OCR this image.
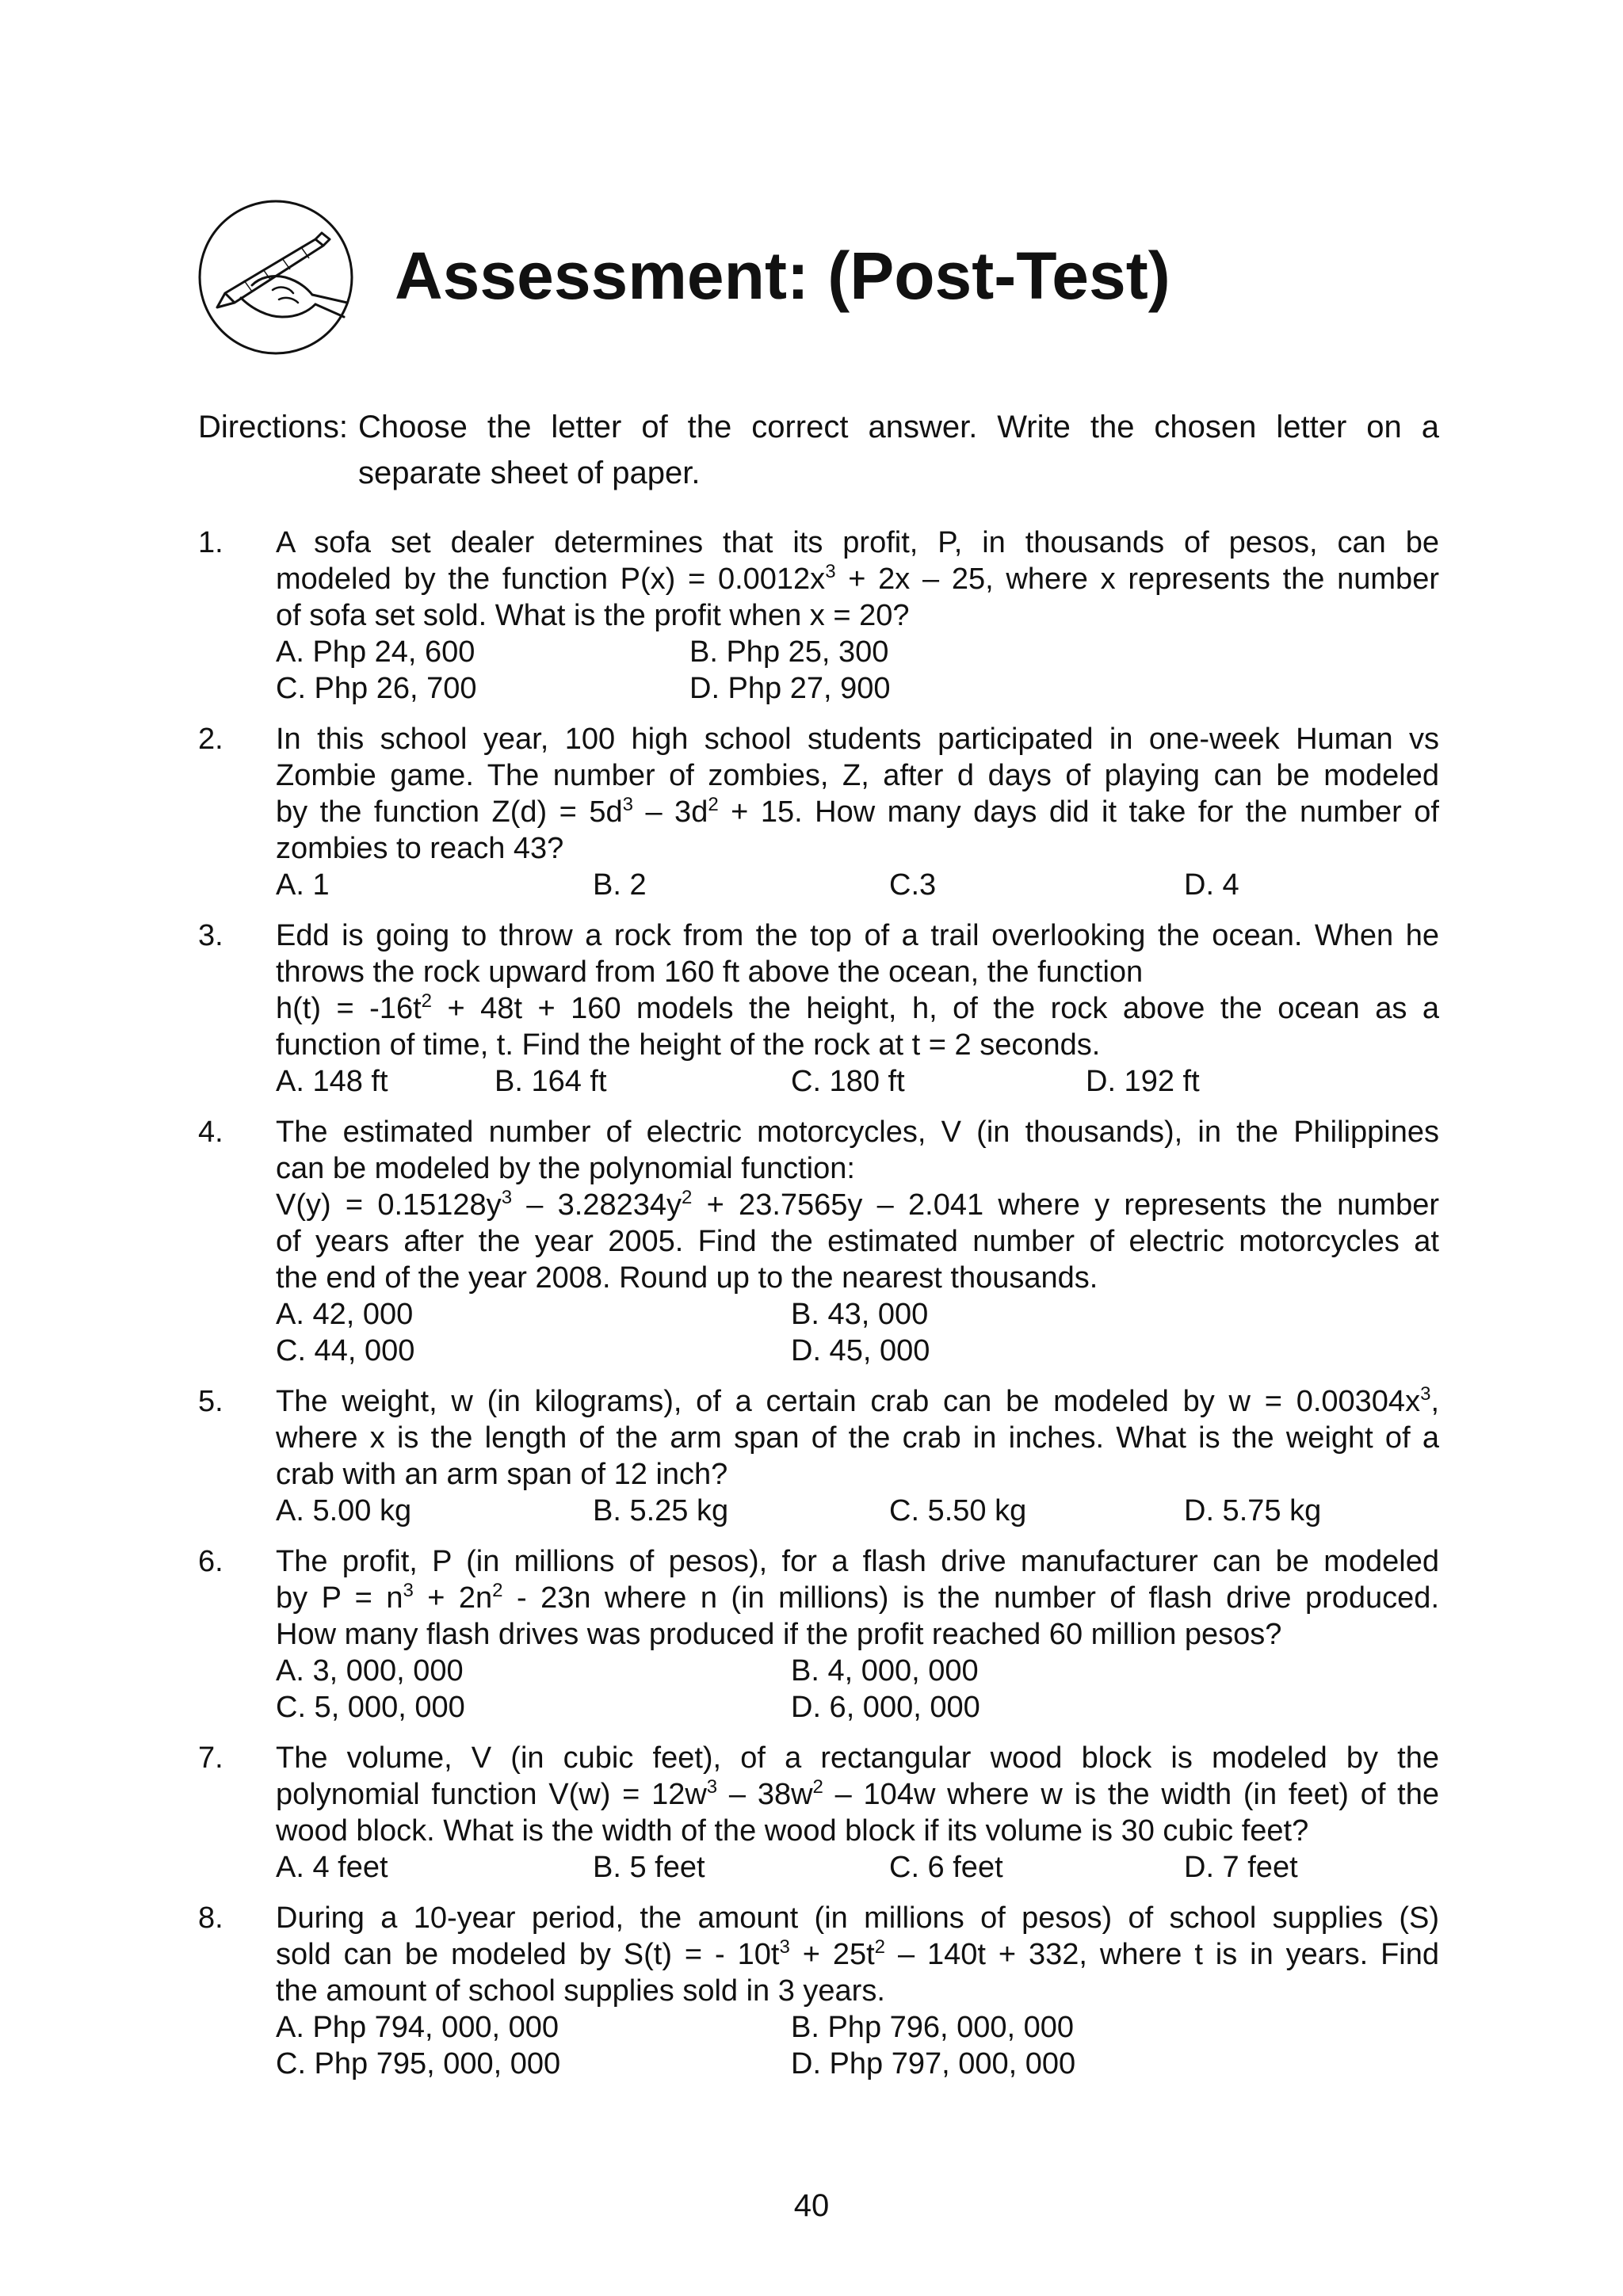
Assessment: (Post-Test)
Directions: Choose the letter of the correct answer. Write the chosen letter on a
separate sheet of paper.
1.	A sofa set dealer determines that its profit, P, in thousands of pesos, can be
modeled by the function $P(x) = 0.0012x^3 + 2x - 25$, where x represents the number
of sofa set sold. What is the profit when x = 20?
A. Php 24, 600	B. Php 25, 300
C. Php 26, 700	D. Php 27, 900
2.	In this school year, 100 high school students participated in one-week Human vs
Zombie game. The number of zombies, Z, after d days of playing can be modeled
by the function $Z(d) = 5d^3 - 3d^2 + 15$. How many days did it take for the number of
zombies to reach 43?
A. 1	B. 2	C.3	D. 4
3.	Edd is going to throw a rock from the top of a trail overlooking the ocean. When he
throws the rock upward from 160 ft above the ocean, the function
$h(t) = -16t^2 + 48t + 160$ models the height, h, of the rock above the ocean as a
function of time, t. Find the height of the rock at t = 2 seconds.
A. 148 ft	B. 164 ft	C. 180 ft	D. 192 ft
4.	The estimated number of electric motorcycles, V (in thousands), in the Philippines
can be modeled by the polynomial function:
$V(y) = 0.15128y^3 - 3.28234y^2 + 23.7565y - 2.041$ where y represents the number
of years after the year 2005. Find the estimated number of electric motorcycles at
the end of the year 2008. Round up to the nearest thousands.
A. 42, 000	B. 43, 000
C. 44, 000	D. 45, 000
5.	The weight, w (in kilograms), of a certain crab can be modeled by $w = 0.00304x^3$,
where x is the length of the arm span of the crab in inches. What is the weight of a
crab with an arm span of 12 inch?
A. 5.00 kg	B. 5.25 kg	C. 5.50 kg	D. 5.75 kg
6.	The profit, P (in millions of pesos), for a flash drive manufacturer can be modeled
by $P = n^3 + 2n^2 - 23n$ where n (in millions) is the number of flash drive produced.
How many flash drives was produced if the profit reached 60 million pesos?
A. 3, 000, 000	B. 4, 000, 000
C. 5, 000, 000	D. 6, 000, 000
7.	The volume, V (in cubic feet), of a rectangular wood block is modeled by the
polynomial function $V(w) = 12w^3 - 38w^2 - 104w$ where w is the width (in feet) of the
wood block. What is the width of the wood block if its volume is 30 cubic feet?
A. 4 feet	B. 5 feet	C. 6 feet	D. 7 feet
8.	During a 10-year period, the amount (in millions of pesos) of school supplies (S)
sold can be modeled by S(t) = - $10t^3 + 25t^2 - 140t + 332$, where t is in years. Find
the amount of school supplies sold in 3 years.
A. Php 794, 000, 000	B. Php 796, 000, 000
C. Php 795, 000, 000	D. Php 797, 000, 000
40
